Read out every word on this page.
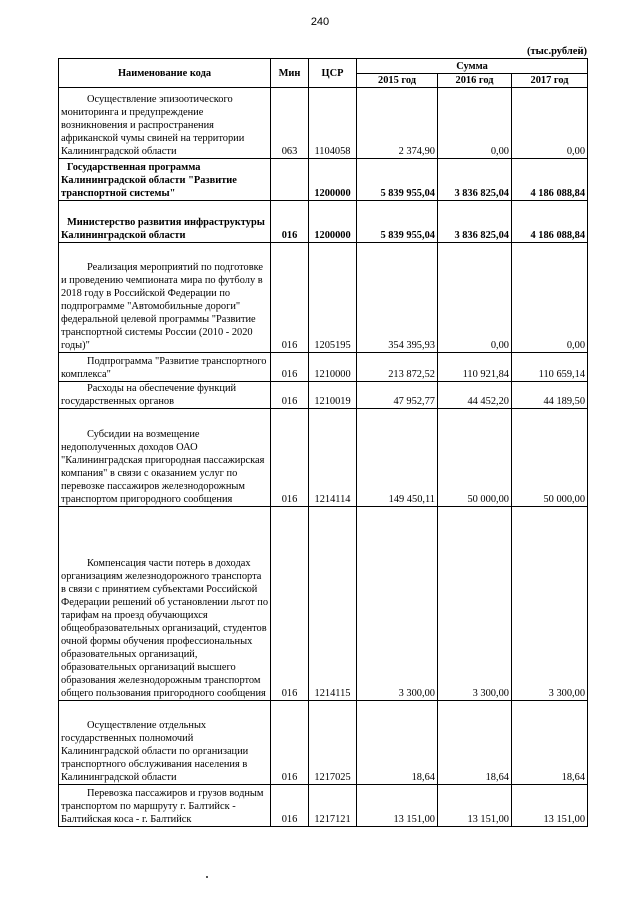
240
(тыс.рублей)
Наименование кода	Мин	ЦСР	Сумма		
			2015 год	2016 год	2017 год
Осуществление эпизоотического мониторинга и предупреждение возникновения и распространения африканской чумы свиней на территории Калининградской области	063	1104058	2 374,90	0,00	0,00
Государственная программа Калининградской области "Развитие транспортной системы"		1200000	5 839 955,04	3 836 825,04	4 186 088,84
Министерство развития инфраструктуры Калининградской области	016	1200000	5 839 955,04	3 836 825,04	4 186 088,84
Реализация мероприятий по подготовке и проведению чемпионата мира по футболу в 2018 году в Российской Федерации по подпрограмме "Автомобильные дороги" федеральной целевой программы "Развитие транспортной системы России (2010 - 2020 годы)"	016	1205195	354 395,93	0,00	0,00
Подпрограмма "Развитие транспортного комплекса"	016	1210000	213 872,52	110 921,84	110 659,14
Расходы на обеспечение функций государственных органов	016	1210019	47 952,77	44 452,20	44 189,50
Субсидии на возмещение недополученных доходов ОАО "Калининградская пригородная пассажирская компания" в связи с оказанием услуг по перевозке пассажиров железнодорожным транспортом пригородного сообщения	016	1214114	149 450,11	50 000,00	50 000,00
Компенсация части потерь в доходах организациям железнодорожного транспорта в связи с принятием субъектами Российской Федерации решений об установлении льгот по тарифам на проезд обучающихся общеобразовательных организаций, студентов очной формы обучения профессиональных образовательных организаций, образовательных организаций высшего образования железнодорожным транспортом общего пользования пригородного сообщения	016	1214115	3 300,00	3 300,00	3 300,00
Осуществление отдельных государственных полномочий Калининградской области по организации транспортного обслуживания населения в Калининградской области	016	1217025	18,64	18,64	18,64
Перевозка пассажиров и грузов водным транспортом по маршруту г. Балтийск - Балтийская коса - г. Балтийск	016	1217121	13 151,00	13 151,00	13 151,00
